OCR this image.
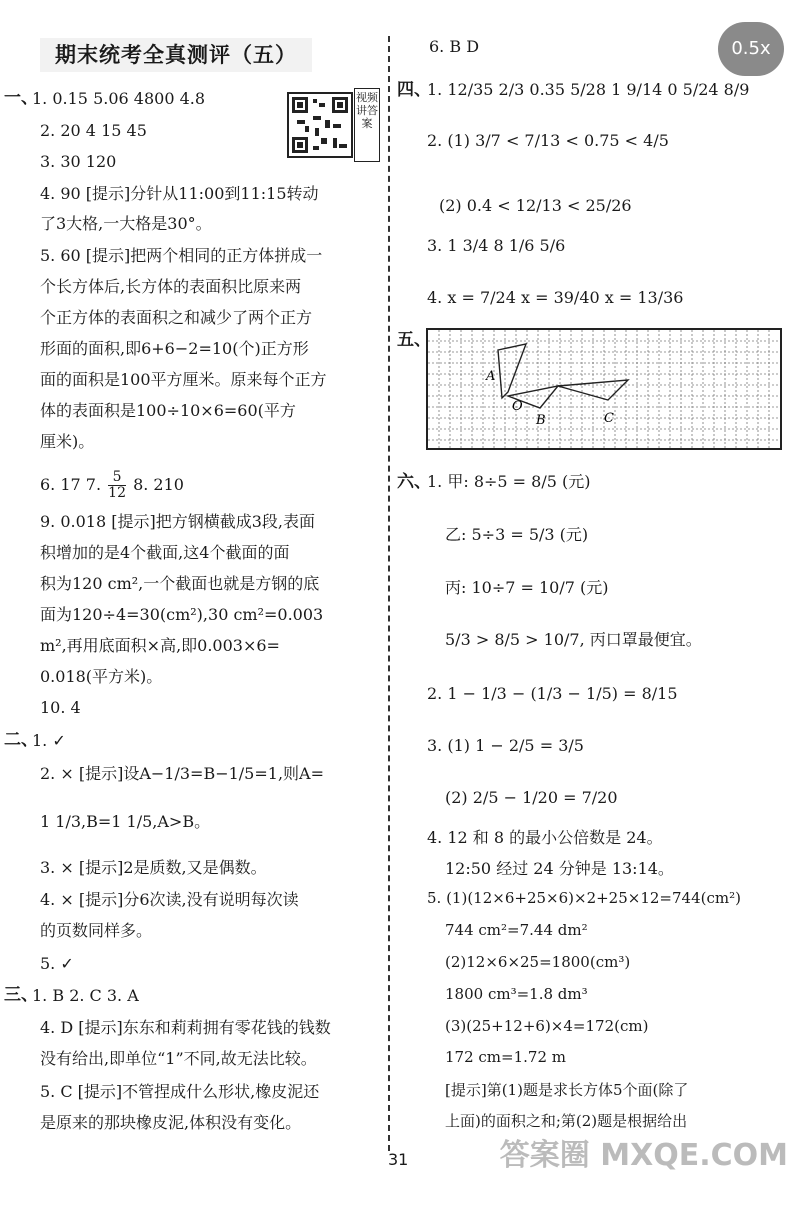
0.5x
期末统考全真测评（五）
视频讲答案
一、
1. 0.15 5.06 4800 4.8
2. 20 4 15 45
3. 30 120
4. 90 [提示]分针从11:00到11:15转动
了3大格,一大格是30°。
5. 60 [提示]把两个相同的正方体拼成一
个长方体后,长方体的表面积比原来两
个正方体的表面积之和减少了两个正方
形面的面积,即6+6−2=10(个)正方形
面的面积是100平方厘米。原来每个正方
体的表面积是100÷10×6=60(平方
厘米)。
6. 17 7. $\frac{5}{12} 8$. 210
9. 0.018 [提示]把方钢横截成3段,表面
积增加的是4个截面,这4个截面的面
积为120 cm²,一个截面也就是方钢的底
面为120÷4=30(cm²),30 cm²=0.003
m²,再用底面积×高,即0.003×6=
0.018(平方米)。
10. 4
二、
1. ✓
2. × [提示]设A−1/3=B−1/5=1,则A=
1 1/3,B=1 1/5,A>B。
3. × [提示]2是质数,又是偶数。
4. × [提示]分6次读,没有说明每次读
的页数同样多。
5. ✓
三、
1. B 2. C 3. A
4. D [提示]东东和莉莉拥有零花钱的钱数
没有给出,即单位“1”不同,故无法比较。
5. C [提示]不管捏成什么形状,橡皮泥还
是原来的那块橡皮泥,体积没有变化。
6. B D
四、
1. 12/35 2/3 0.35 5/28 1 9/14 0 5/24 8/9
2. (1) 3/7 < 7/13 < 0.75 < 4/5
(2) 0.4 < 12/13 < 25/26
3. 1 3/4 8 1/6 5/6
4. x = 7/24 x = 39/40 x = 13/36
五、
A
O
B	C
六、
1. 甲: 8÷5 = 8/5 (元)
乙: 5÷3 = 5/3 (元)
丙: 10÷7 = 10/7 (元)
5/3 > 8/5 > 10/7, 丙口罩最便宜。
2. 1 − 1/3 − (1/3 − 1/5) = 8/15
3. (1) 1 − 2/5 = 3/5
(2) 2/5 − 1/20 = 7/20
4. 12 和 8 的最小公倍数是 24。
12:50 经过 24 分钟是 13:14。
5. (1)(12×6+25×6)×2+25×12=744(cm²)
744 cm²=7.44 dm²
(2)12×6×25=1800(cm³)
1800 cm³=1.8 dm³
(3)(25+12+6)×4=172(cm)
172 cm=1.72 m
[提示]第(1)题是求长方体5个面(除了
上面)的面积之和;第(2)题是根据给出
31	答案圈 MXQE.COM
